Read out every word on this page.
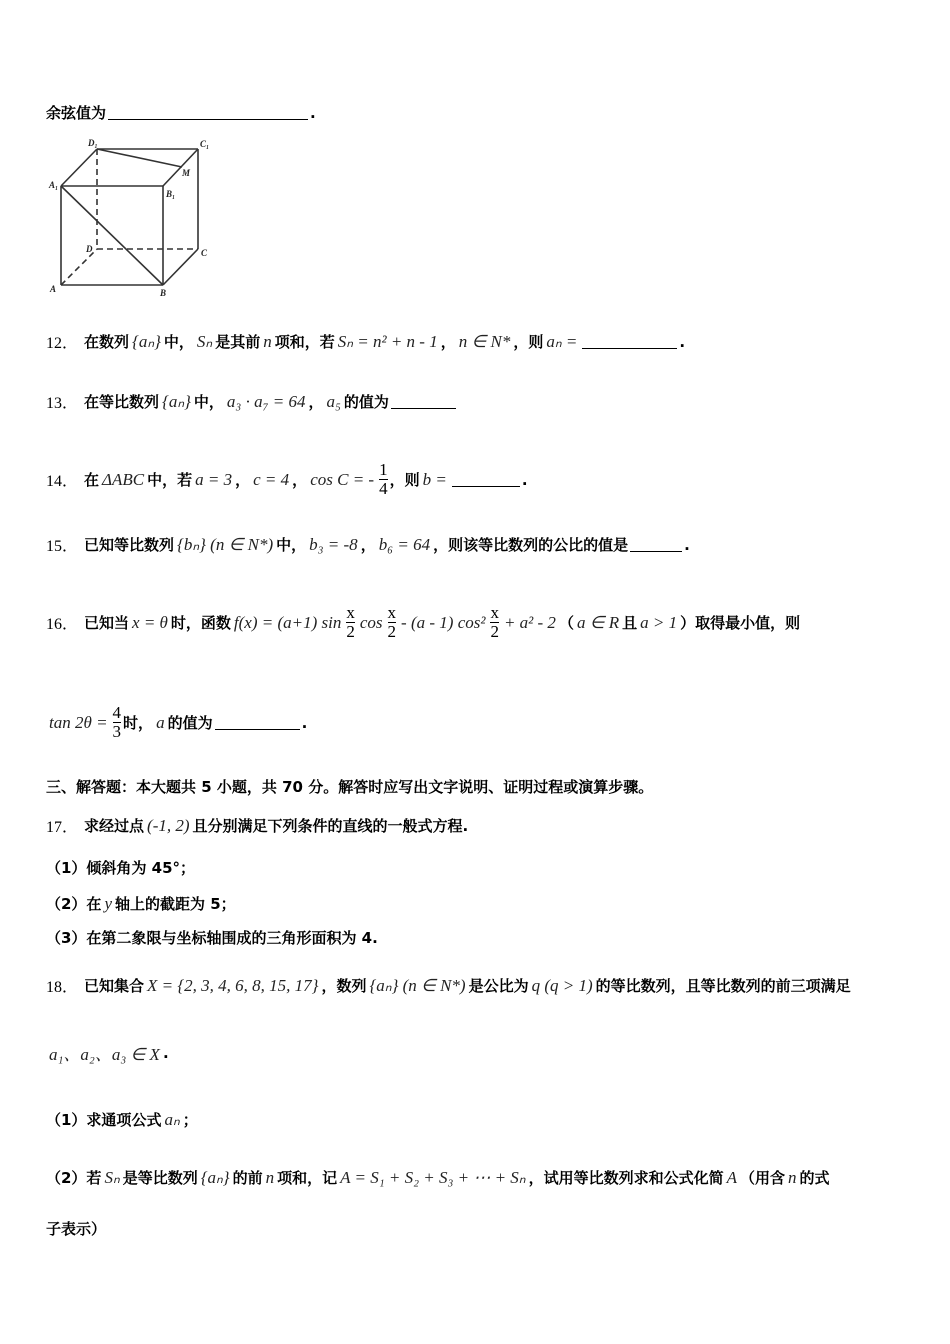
D₁	C₁
A₁
B₁
M
D	C
A	B
余弦值为	.
12． 在数列 {aₙ} 中， Sₙ 是其前 n 项和，若 Sₙ = n² + n - 1 ， n ∈ N* ，则 aₙ =	.
13． 在等比数列 {aₙ} 中， a₃ · a₇ = 64 ， a₅ 的值为
14． 在 ΔABC 中，若 a = 3 ， c = 4 ， cos C = - $\frac{1}{4}$ ，则 b =	.
15． 已知等比数列 {bₙ} (n ∈ N*) 中， b₃ = -8 ， b₆ = 64 ，则该等比数列的公比的值是	.
16． 已知当 x = θ 时，函数 f(x) = (a+1) $\sin \frac{x}{2}$ $\cos \frac{x}{2} - (a - 1)$ $\cos^2 \frac{x}{2} + a^2 - 2$ （ a ∈ R 且 a > 1 ）取得最小值，则
$\tan 2\theta = \frac{4}{3}$ 时， a 的值为	.
三、解答题：本大题共 5 小题，共 70 分。解答时应写出文字说明、证明过程或演算步骤。
17． 求经过点 (-1, 2) 且分别满足下列条件的直线的一般式方程.
（1）倾斜角为 45°；
（2）在 y 轴上的截距为 5；
（3）在第二象限与坐标轴围成的三角形面积为 4.
18． 已知集合 X = {2, 3, 4, 6, 8, 15, 17} ，数列 {aₙ} (n ∈ N*) 是公比为 q (q > 1) 的等比数列，且等比数列的前三项满足
a₁、a₂、a₃ ∈ X .
（1）求通项公式 aₙ ；
（2）若 Sₙ 是等比数列 {aₙ} 的前 n 项和，记 A = S₁ + S₂ + S₃ + ⋯ + Sₙ ，试用等比数列求和公式化简 A （用含 n 的式
子表示）
